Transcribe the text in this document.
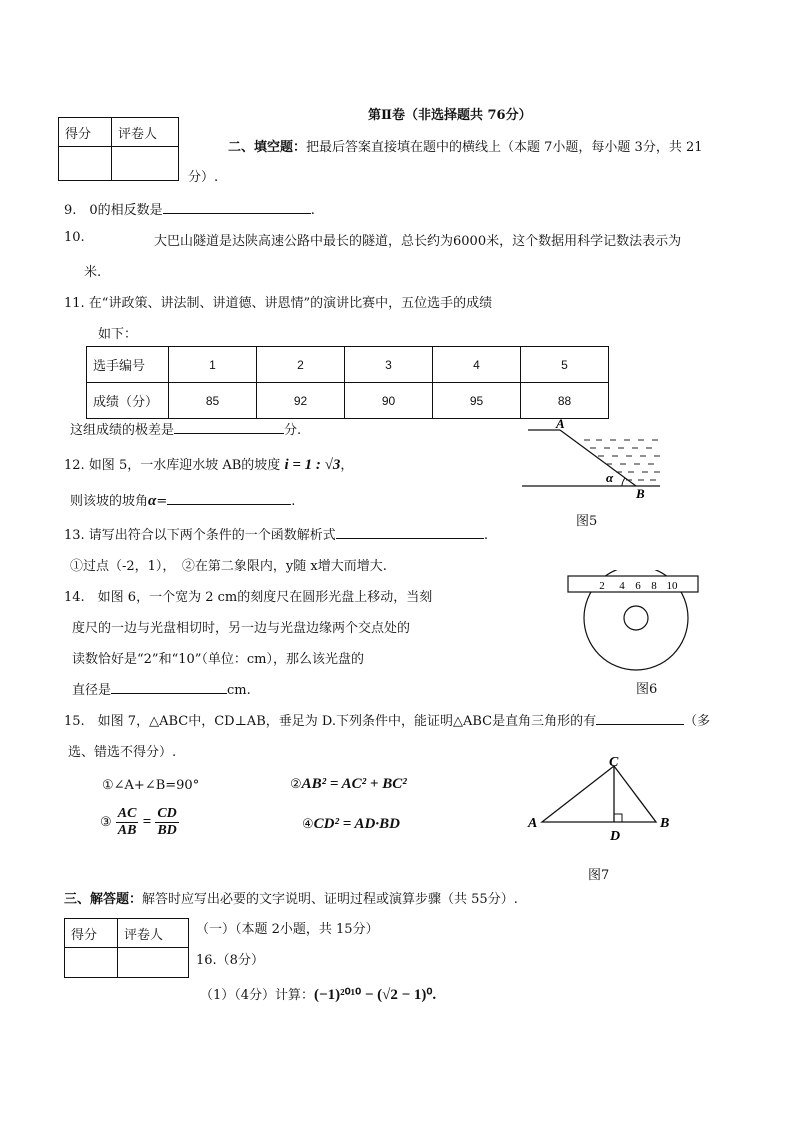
第Ⅱ卷（非选择题共 76分）
得分	评卷人

二、填空题：把最后答案直接填在题中的横线上（本题 7小题，每小题 3分，共 21
分）.
9.　0的相反数是	.
10.	大巴山隧道是达陕高速公路中最长的隧道，总长约为6000米，这个数据用科学记数法表示为
米.
11. 在“讲政策、讲法制、讲道德、讲恩情”的演讲比赛中，五位选手的成绩
如下：
选手编号	1	2	3	4	5
成绩（分）	85	92	90	95	88
这组成绩的极差是	分.
12. 如图 5，一水库迎水坡 AB的坡度 i = 1 : √3，
则该坡的坡角α=	.
A
B
α
图5
13. 请写出符合以下两个条件的一个函数解析式	.
①过点（-2，1），　②在第二象限内，y随 x增大而增大.
14.　如图 6，一个宽为 2 cm的刻度尺在圆形光盘上移动，当刻
度尺的一边与光盘相切时，另一边与光盘边缘两个交点处的
读数恰好是“2”和“10”（单位：cm），那么该光盘的
直径是	cm.
2 4 6 8 10
图6
15.　如图 7，△ABC中，CD⊥AB，垂足为 D.下列条件中，能证明△ABC是直角三角形的有	（多
选、错选不得分）.
①∠A+∠B=90°	②AB² = AC² + BC²
③ $\frac{AC}{AB} = \frac{CD}{BD}$	④CD² = AD·BD	A	B
C
D
图7
三、解答题：解答时应写出必要的文字说明、证明过程或演算步骤（共 55分）.
得分	评卷人
		（一）（本题 2小题，共 15分）
16.（8分）
（1）（4分）计算：(−1)²⁰¹⁰ − (√2 − 1)⁰.
